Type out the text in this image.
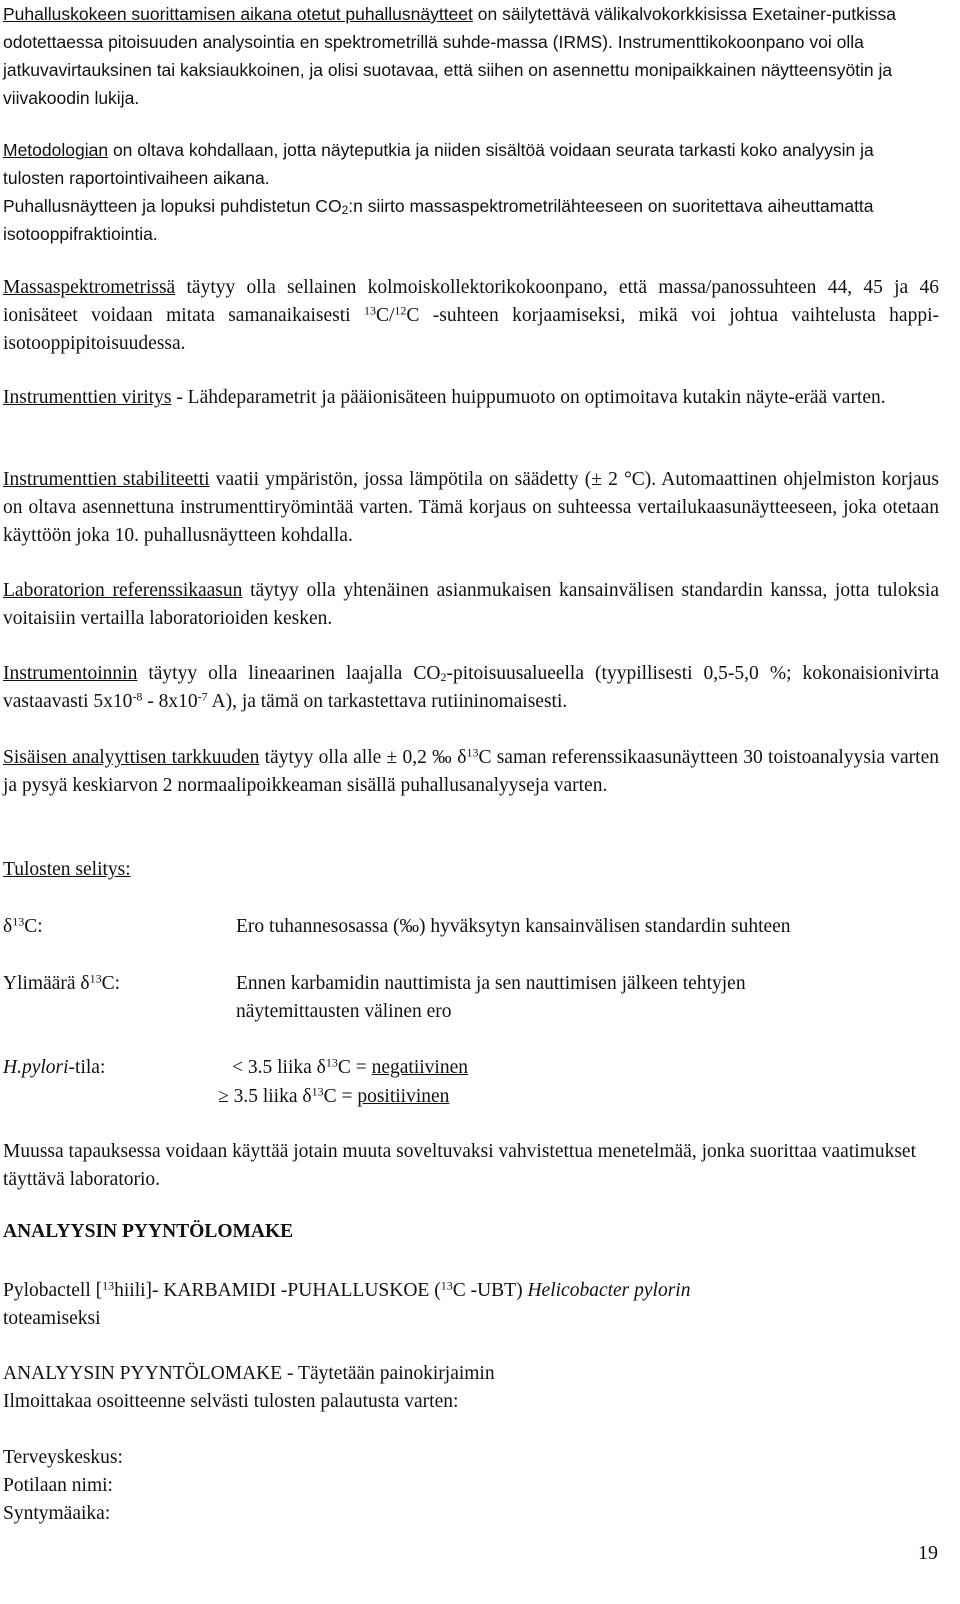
Puhalluskokeen suorittamisen aikana otetut puhallusnäytteet on säilytettävä välikalvokorkkisissa Exetainer-putkissa odotettaessa pitoisuuden analysointia en spektrometrillä suhde-massa (IRMS). Instrumenttikokoonpano voi olla jatkuvavirtauksinen tai kaksiaukkoinen, ja olisi suotavaa, että siihen on asennettu monipaikkainen näytteensyötin ja viivakoodin lukija.

Metodologian on oltava kohdallaan, jotta näyteputkia ja niiden sisältöä voidaan seurata tarkasti koko analyysin ja tulosten raportointivaiheen aikana.
Puhallusnäytteen ja lopuksi puhdistetun $CO_2:n$ siirto massaspektrometrilähteeseen on suoritettava aiheuttamatta isotooppifraktiointia.

Massaspektrometrissä täytyy olla sellainen kolmoiskollektorikokoonpano, että massa/panossuhteen 44, 45 ja 46 ionisäteet voidaan mitata samanaikaisesti $^{13}$C/$^{12}$C -suhteen korjaamiseksi, mikä voi johtua vaihtelusta happi-isotooppipitoisuudessa.

Instrumenttien viritys - Lähdeparametrit ja pääionisäteen huippumuoto on optimoitava kutakin näyte-erää varten.

Instrumenttien stabiliteetti vaatii ympäristön, jossa lämpötila on säädetty (± 2 °C). Automaattinen ohjelmiston korjaus on oltava asennettuna instrumenttiryömintää varten. Tämä korjaus on suhteessa vertailukaasunäytteeseen, joka otetaan käyttöön joka 10. puhallusnäytteen kohdalla.

Laboratorion referenssikaasun täytyy olla yhtenäinen asianmukaisen kansainvälisen standardin kanssa, jotta tuloksia voitaisiin vertailla laboratorioiden kesken.

Instrumentoinnin täytyy olla lineaarinen laajalla $CO_2$-pitoisuusalueella (tyypillisesti 0,5-5,0 %; kokonaisionivirta vastaavasti $5x10^{-8} - 8x10^{-7}$ A), ja tämä on tarkastettava rutiininomaisesti.

Sisäisen analyyttisen tarkkuuden täytyy olla alle ± 0,2 ‰ $\delta^{13}C$ saman referenssikaasunäytteen 30 toistoanalyysia varten ja pysyä keskiarvon 2 normaalipoikkeaman sisällä puhallusanalyyseja varten.

Tulosten selitys:
$\delta^{13}C$:	Ero tuhannesosassa (‰) hyväksytyn kansainvälisen standardin suhteen
Ylimäärä $\delta^{13}C$:	Ennen karbamidin nauttimista ja sen nauttimisen jälkeen tehtyjen
näytemittausten välinen ero
H.pylori-tila:	< 3.5 liika $\delta^{13}C$ = negatiivinen
≥ 3.5 liika $\delta^{13}C$ = positiivinen

Muussa tapauksessa voidaan käyttää jotain muuta soveltuvaksi vahvistettua menetelmää, jonka suorittaa vaatimukset täyttävä laboratorio.

ANALYYSIN PYYNTÖLOMAKE

Pylobactell [$^{13}$hiili]- KARBAMIDI -PUHALLUSKOE ($^{13}$C -UBT) Helicobacter pylorin
toteamiseksi

ANALYYSIN PYYNTÖLOMAKE - Täytetään painokirjaimin
Ilmoittakaa osoitteenne selvästi tulosten palautusta varten:
Terveyskeskus:
Potilaan nimi:
Syntymäaika:
19
